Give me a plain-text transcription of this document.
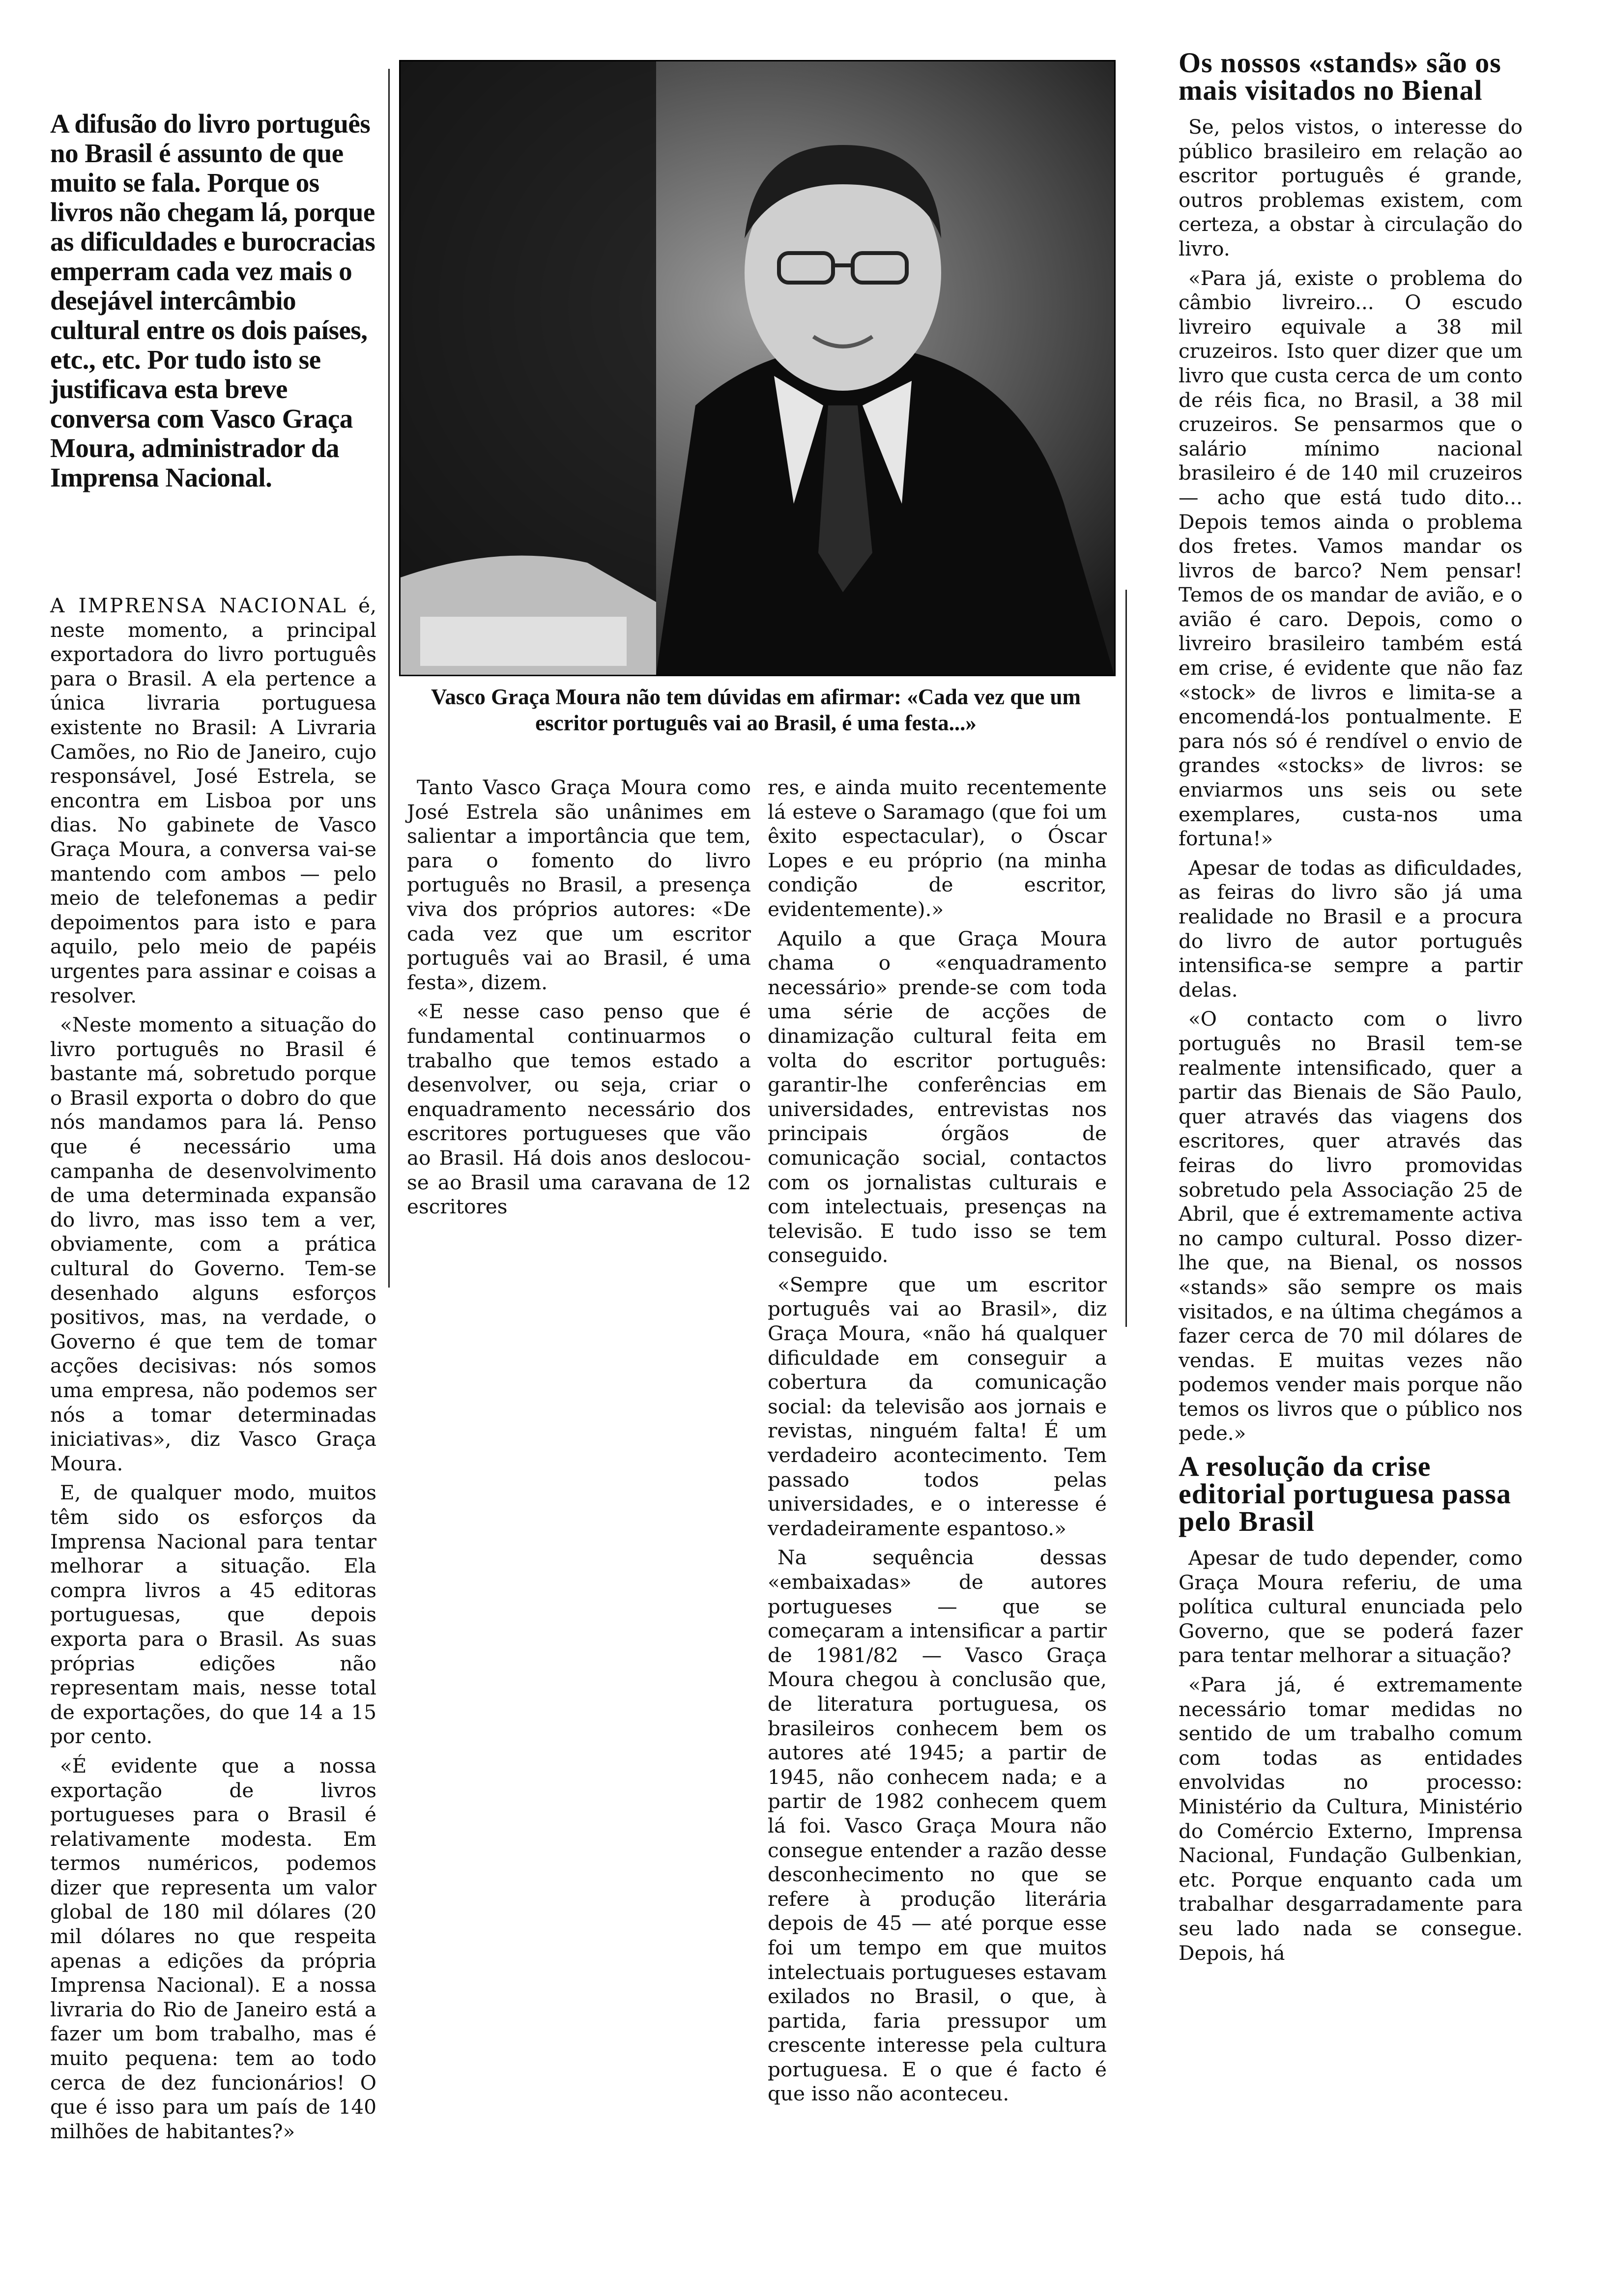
A difusão do livro português no Brasil é assunto de que muito se fala. Porque os livros não chegam lá, porque as dificuldades e burocracias emperram cada vez mais o desejável intercâmbio cultural entre os dois países, etc., etc. Por tudo isto se justificava esta breve conversa com Vasco Graça Moura, administrador da Imprensa Nacional.

A IMPRENSA NACIONAL é, neste momento, a principal exportadora do livro português para o Brasil. A ela pertence a única livraria portuguesa existente no Brasil: A Livraria Camões, no Rio de Janeiro, cujo responsável, José Estrela, se encontra em Lisboa por uns dias. No gabinete de Vasco Graça Moura, a conversa vai-se mantendo com ambos — pelo meio de telefonemas a pedir depoimentos para isto e para aquilo, pelo meio de papéis urgentes para assinar e coisas a resolver.

«Neste momento a situação do livro português no Brasil é bastante má, sobretudo porque o Brasil exporta o dobro do que nós mandamos para lá. Penso que é necessário uma campanha de desenvolvimento de uma determinada expansão do livro, mas isso tem a ver, obviamente, com a prática cultural do Governo. Tem-se desenhado alguns esforços positivos, mas, na verdade, o Governo é que tem de tomar acções decisivas: nós somos uma empresa, não podemos ser nós a tomar determinadas iniciativas», diz Vasco Graça Moura.

E, de qualquer modo, muitos têm sido os esforços da Imprensa Nacional para tentar melhorar a situação. Ela compra livros a 45 editoras portuguesas, que depois exporta para o Brasil. As suas próprias edições não representam mais, nesse total de exportações, do que 14 a 15 por cento.

«É evidente que a nossa exportação de livros portugueses para o Brasil é relativamente modesta. Em termos numéricos, podemos dizer que representa um valor global de 180 mil dólares (20 mil dólares no que respeita apenas a edições da própria Imprensa Nacional). E a nossa livraria do Rio de Janeiro está a fazer um bom trabalho, mas é muito pequena: tem ao todo cerca de dez funcionários! O que é isso para um país de 140 milhões de habitantes?»

Vasco Graça Moura não tem dúvidas em afirmar: «Cada vez que um escritor português vai ao Brasil, é uma festa...»

Tanto Vasco Graça Moura como José Estrela são unânimes em salientar a importância que tem, para o fomento do livro português no Brasil, a presença viva dos próprios autores: «De cada vez que um escritor português vai ao Brasil, é uma festa», dizem.

«E nesse caso penso que é fundamental continuarmos o trabalho que temos estado a desenvolver, ou seja, criar o enquadramento necessário dos escritores portugueses que vão ao Brasil. Há dois anos deslocou-se ao Brasil uma caravana de 12 escritores

res, e ainda muito recentemente lá esteve o Saramago (que foi um êxito espectacular), o Óscar Lopes e eu próprio (na minha condição de escritor, evidentemente).»

Aquilo a que Graça Moura chama o «enquadramento necessário» prende-se com toda uma série de acções de dinamização cultural feita em volta do escritor português: garantir-lhe conferências em universidades, entrevistas nos principais órgãos de comunicação social, contactos com os jornalistas culturais e com intelectuais, presenças na televisão. E tudo isso se tem conseguido.

«Sempre que um escritor português vai ao Brasil», diz Graça Moura, «não há qualquer dificuldade em conseguir a cobertura da comunicação social: da televisão aos jornais e revistas, ninguém falta! É um verdadeiro acontecimento. Tem passado todos pelas universidades, e o interesse é verdadeiramente espantoso.»

Na sequência dessas «embaixadas» de autores portugueses — que se começaram a intensificar a partir de 1981/82 — Vasco Graça Moura chegou à conclusão que, de literatura portuguesa, os brasileiros conhecem bem os autores até 1945; a partir de 1945, não conhecem nada; e a partir de 1982 conhecem quem lá foi. Vasco Graça Moura não consegue entender a razão desse desconhecimento no que se refere à produção literária depois de 45 — até porque esse foi um tempo em que muitos intelectuais portugueses estavam exilados no Brasil, o que, à partida, faria pressupor um crescente interesse pela cultura portuguesa. E o que é facto é que isso não aconteceu.

Os nossos «stands» são os mais visitados no Bienal

Se, pelos vistos, o interesse do público brasileiro em relação ao escritor português é grande, outros problemas existem, com certeza, a obstar à circulação do livro.

«Para já, existe o problema do câmbio livreiro... O escudo livreiro equivale a 38 mil cruzeiros. Isto quer dizer que um livro que custa cerca de um conto de réis fica, no Brasil, a 38 mil cruzeiros. Se pensarmos que o salário mínimo nacional brasileiro é de 140 mil cruzeiros — acho que está tudo dito... Depois temos ainda o problema dos fretes. Vamos mandar os livros de barco? Nem pensar! Temos de os mandar de avião, e o avião é caro. Depois, como o livreiro brasileiro também está em crise, é evidente que não faz «stock» de livros e limita-se a encomendá-los pontualmente. E para nós só é rendível o envio de grandes «stocks» de livros: se enviarmos uns seis ou sete exemplares, custa-nos uma fortuna!»

Apesar de todas as dificuldades, as feiras do livro são já uma realidade no Brasil e a procura do livro de autor português intensifica-se sempre a partir delas.

«O contacto com o livro português no Brasil tem-se realmente intensificado, quer a partir das Bienais de São Paulo, quer através das viagens dos escritores, quer através das feiras do livro promovidas sobretudo pela Associação 25 de Abril, que é extremamente activa no campo cultural. Posso dizer-lhe que, na Bienal, os nossos «stands» são sempre os mais visitados, e na última chegámos a fazer cerca de 70 mil dólares de vendas. E muitas vezes não podemos vender mais porque não temos os livros que o público nos pede.»

A resolução da crise editorial portuguesa passa pelo Brasil

Apesar de tudo depender, como Graça Moura referiu, de uma política cultural enunciada pelo Governo, que se poderá fazer para tentar melhorar a situação?

«Para já, é extremamente necessário tomar medidas no sentido de um trabalho comum com todas as entidades envolvidas no processo: Ministério da Cultura, Ministério do Comércio Externo, Imprensa Nacional, Fundação Gulbenkian, etc. Porque enquanto cada um trabalhar desgarradamente para seu lado nada se consegue. Depois, há
